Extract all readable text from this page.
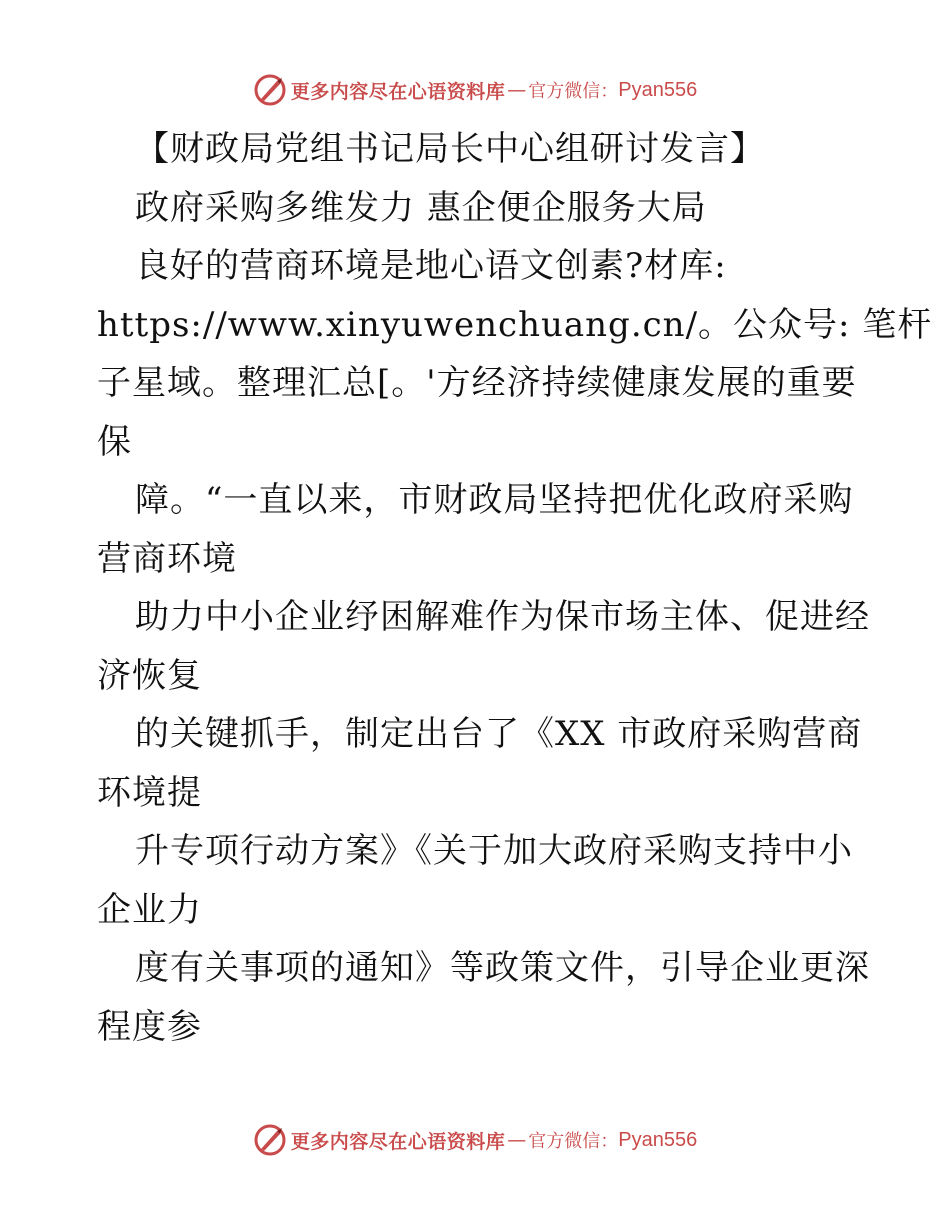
更多内容尽在心语资料库 — 官方微信： Pyan556
【财政局党组书记局长中心组研讨发言】
政府采购多维发力 惠企便企服务大局
良好的营商环境是地心语文创素?材库:
https://www.xinyuwenchuang.cn/。公众号: 笔杆
子星域。整理汇总[。'方经济持续健康发展的重要
保
障。“一直以来，市财政局坚持把优化政府采购
营商环境
助力中小企业纾困解难作为保市场主体、促进经
济恢复
的关键抓手，制定出台了《XX 市政府采购营商
环境提
升专项行动方案》《关于加大政府采购支持中小
企业力
度有关事项的通知》等政策文件，引导企业更深
程度参
更多内容尽在心语资料库 — 官方微信： Pyan556
